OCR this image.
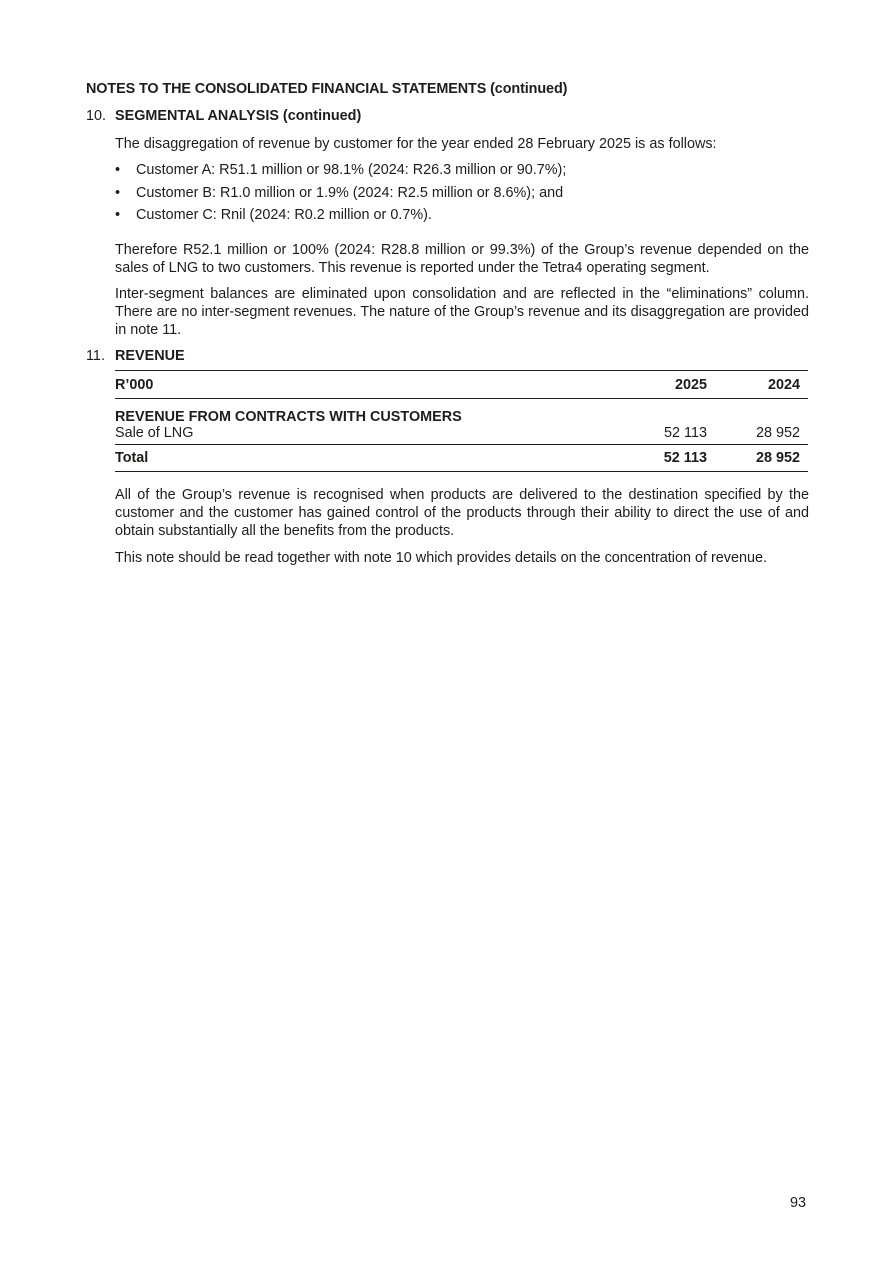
NOTES TO THE CONSOLIDATED FINANCIAL STATEMENTS (continued)
10. SEGMENTAL ANALYSIS (continued)

The disaggregation of revenue by customer for the year ended 28 February 2025 is as follows:

• Customer A: R51.1 million or 98.1% (2024: R26.3 million or 90.7%);
• Customer B: R1.0 million or 1.9% (2024: R2.5 million or 8.6%); and
• Customer C: Rnil (2024: R0.2 million or 0.7%).

Therefore R52.1 million or 100% (2024: R28.8 million or 99.3%) of the Group’s revenue depended on the sales of LNG to two customers. This revenue is reported under the Tetra4 operating segment.

Inter-segment balances are eliminated upon consolidation and are reflected in the “eliminations” column. There are no inter-segment revenues. The nature of the Group’s revenue and its disaggregation are provided in note 11.

11. REVENUE
R’000	2025	2024
REVENUE FROM CONTRACTS WITH CUSTOMERS		
Sale of LNG	52 113	28 952
Total	52 113	28 952

All of the Group’s revenue is recognised when products are delivered to the destination specified by the customer and the customer has gained control of the products through their ability to direct the use of and obtain substantially all the benefits from the products.

This note should be read together with note 10 which provides details on the concentration of revenue.

93
